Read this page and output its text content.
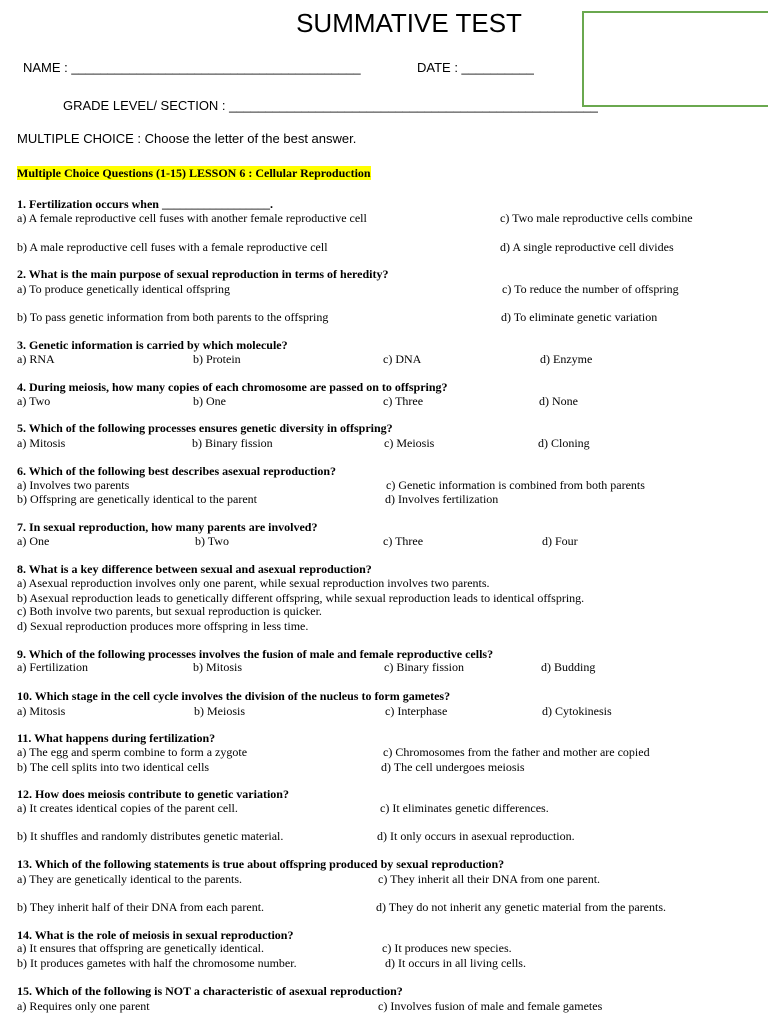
SUMMATIVE TEST
NAME : ________________________________________	DATE : __________
GRADE LEVEL/ SECTION : ___________________________________________________
MULTIPLE CHOICE : Choose the letter of the best answer.
Multiple Choice Questions (1-15) LESSON 6 : Cellular Reproduction
1. Fertilization occurs when __________________.
a) A female reproductive cell fuses with another female reproductive cell	c) Two male reproductive cells combine
b) A male reproductive cell fuses with a female reproductive cell	d) A single reproductive cell divides
2. What is the main purpose of sexual reproduction in terms of heredity?
a) To produce genetically identical offspring	c) To reduce the number of offspring
b) To pass genetic information from both parents to the offspring	d) To eliminate genetic variation
3. Genetic information is carried by which molecule?
a) RNA	b) Protein	c) DNA	d) Enzyme
4. During meiosis, how many copies of each chromosome are passed on to offspring?
a) Two	b) One	c) Three	d) None
5. Which of the following processes ensures genetic diversity in offspring?
a) Mitosis	b) Binary fission	c) Meiosis	d) Cloning
6. Which of the following best describes asexual reproduction?
a) Involves two parents	c) Genetic information is combined from both parents
b) Offspring are genetically identical to the parent	d) Involves fertilization
7. In sexual reproduction, how many parents are involved?
a) One	b) Two	c) Three	d) Four
8. What is a key difference between sexual and asexual reproduction?
a) Asexual reproduction involves only one parent, while sexual reproduction involves two parents.
b) Asexual reproduction leads to genetically different offspring, while sexual reproduction leads to identical offspring.
c) Both involve two parents, but sexual reproduction is quicker.
d) Sexual reproduction produces more offspring in less time.
9. Which of the following processes involves the fusion of male and female reproductive cells?
a) Fertilization	b) Mitosis	c) Binary fission	d) Budding
10. Which stage in the cell cycle involves the division of the nucleus to form gametes?
a) Mitosis	b) Meiosis	c) Interphase	d) Cytokinesis
11. What happens during fertilization?
a) The egg and sperm combine to form a zygote	c) Chromosomes from the father and mother are copied
b) The cell splits into two identical cells	d) The cell undergoes meiosis
12. How does meiosis contribute to genetic variation?
a) It creates identical copies of the parent cell.	c) It eliminates genetic differences.
b) It shuffles and randomly distributes genetic material.	d) It only occurs in asexual reproduction.
13. Which of the following statements is true about offspring produced by sexual reproduction?
a) They are genetically identical to the parents.	c) They inherit all their DNA from one parent.
b) They inherit half of their DNA from each parent.	d) They do not inherit any genetic material from the parents.
14. What is the role of meiosis in sexual reproduction?
a) It ensures that offspring are genetically identical.	c) It produces new species.
b) It produces gametes with half the chromosome number.	d) It occurs in all living cells.
15. Which of the following is NOT a characteristic of asexual reproduction?
a) Requires only one parent	c) Involves fusion of male and female gametes
